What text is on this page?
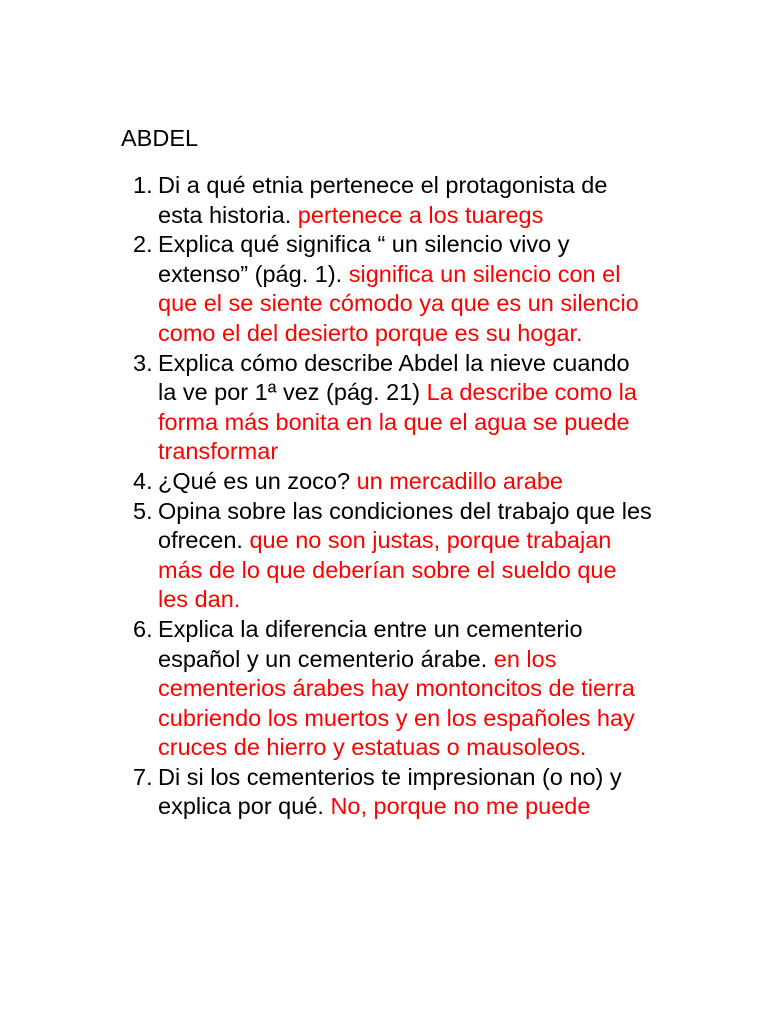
ABDEL
1. Di a qué etnia pertenece el protagonista de esta historia. pertenece a los tuaregs
2. Explica qué significa “ un silencio vivo y extenso” (pág. 1). significa un silencio con el que el se siente cómodo ya que es un silencio como el del desierto porque es su hogar.
3. Explica cómo describe Abdel la nieve cuando la ve por 1ª vez (pág. 21) La describe como la forma más bonita en la que el agua se puede transformar
4. ¿Qué es un zoco? un mercadillo arabe
5. Opina sobre las condiciones del trabajo que les ofrecen. que no son justas, porque trabajan más de lo que deberían sobre el sueldo que les dan.
6. Explica la diferencia entre un cementerio español y un cementerio árabe. en los cementerios árabes hay montoncitos de tierra cubriendo los muertos y en los españoles hay cruces de hierro y estatuas o mausoleos.
7. Di si los cementerios te impresionan (o no) y explica por qué. No, porque no me puede
